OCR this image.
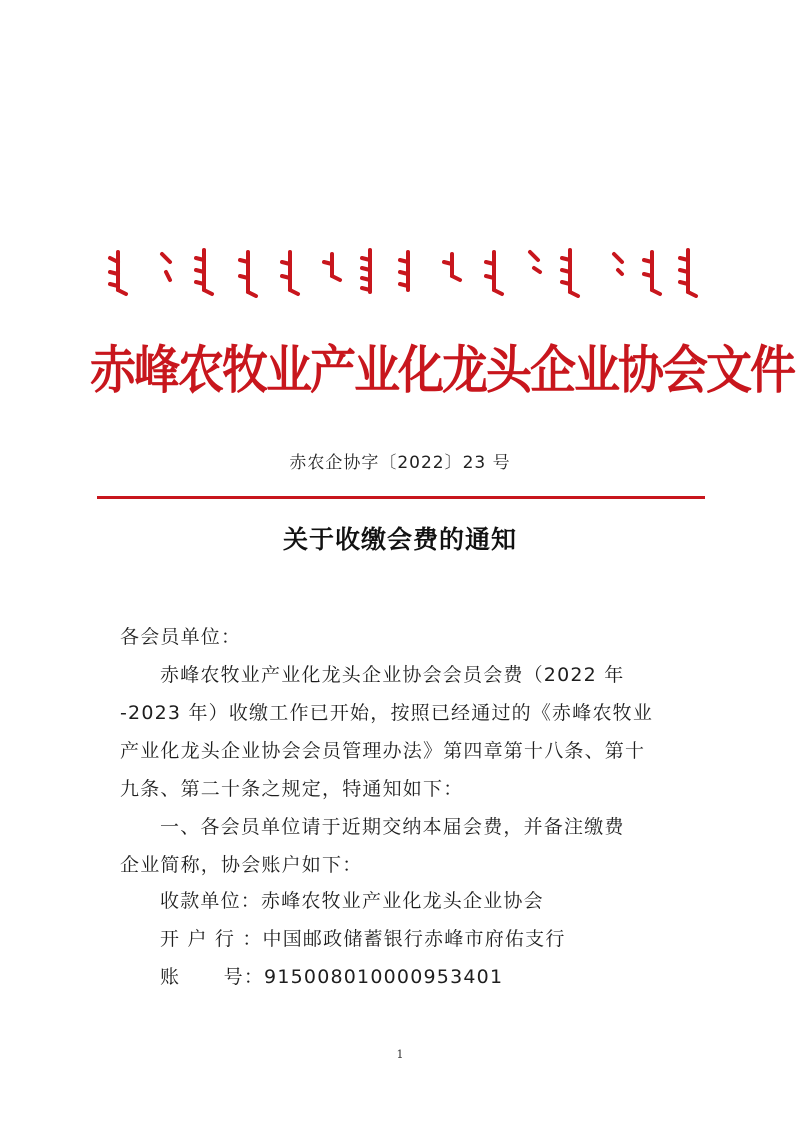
赤峰农牧业产业化龙头企业协会文件
赤农企协字〔2022〕23 号
关于收缴会费的通知
各会员单位：
赤峰农牧业产业化龙头企业协会会员会费（2022 年
-2023 年）收缴工作已开始，按照已经通过的《赤峰农牧业
产业化龙头企业协会会员管理办法》第四章第十八条、第十
九条、第二十条之规定，特通知如下：
一、各会员单位请于近期交纳本届会费，并备注缴费
企业简称，协会账户如下：
收款单位：赤峰农牧业产业化龙头企业协会
开 户 行 ：中国邮政储蓄银行赤峰市府佑支行
账      号：915008010000953401
1
